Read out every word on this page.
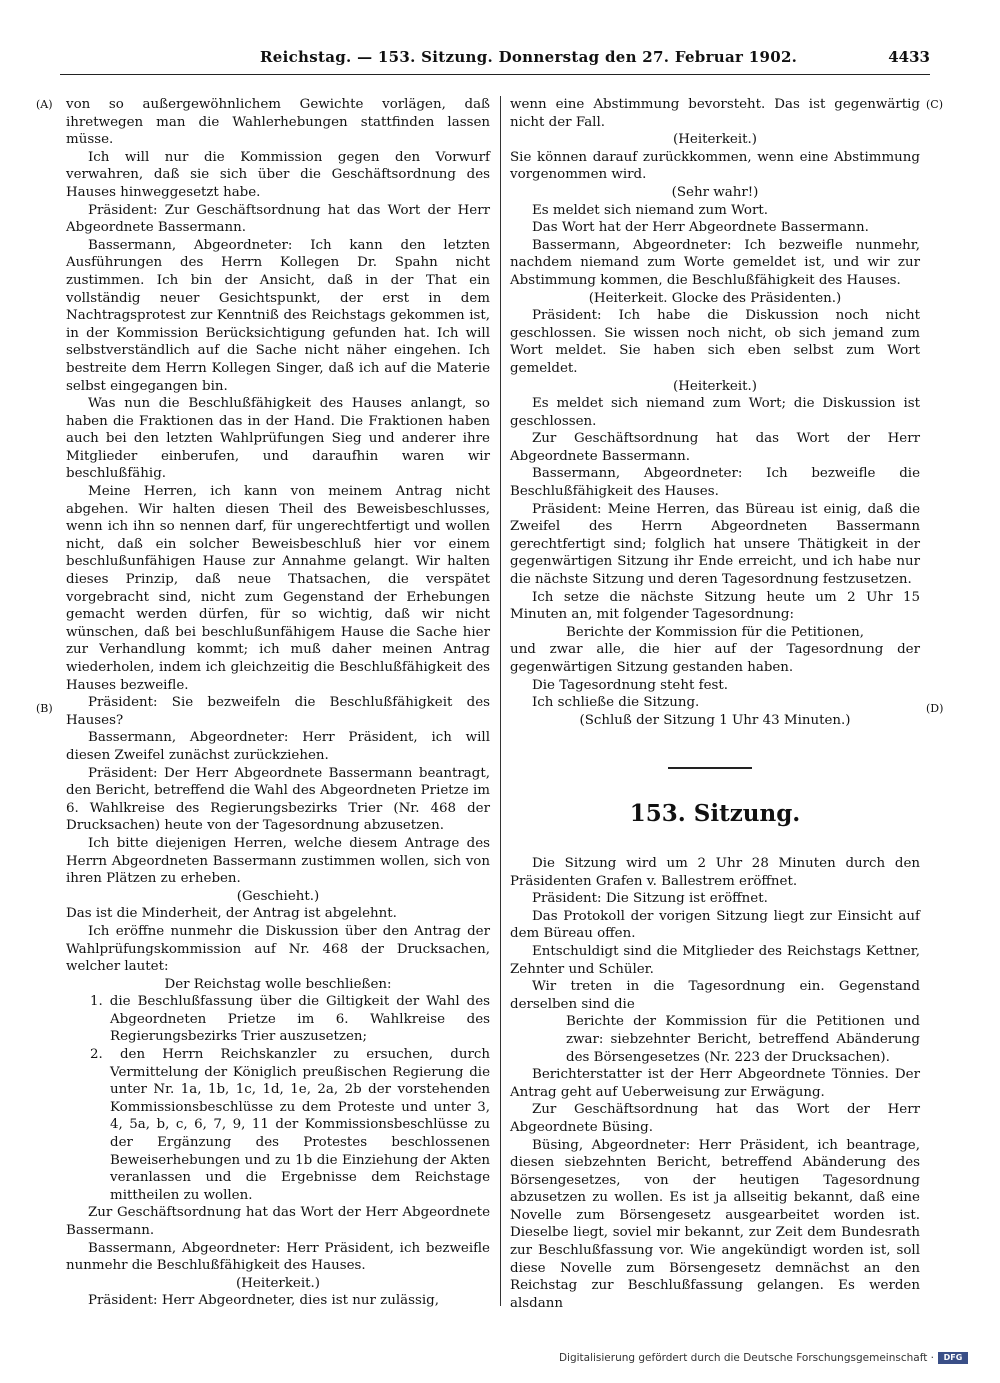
Reichstag. — 153. Sitzung. Donnerstag den 27. Februar 1902.	4433
(A)
(B)
(C)
(D)

von so außergewöhnlichem Gewichte vorlägen, daß ihretwegen man die Wahlerhebungen stattfinden lassen müsse.

Ich will nur die Kommission gegen den Vorwurf verwahren, daß sie sich über die Geschäftsordnung des Hauses hinweggesetzt habe.

Präsident: Zur Geschäftsordnung hat das Wort der Herr Abgeordnete Bassermann.

Bassermann, Abgeordneter: Ich kann den letzten Ausführungen des Herrn Kollegen Dr. Spahn nicht zustimmen. Ich bin der Ansicht, daß in der That ein vollständig neuer Gesichtspunkt, der erst in dem Nachtragsprotest zur Kenntniß des Reichstags gekommen ist, in der Kommission Berücksichtigung gefunden hat. Ich will selbstverständlich auf die Sache nicht näher eingehen. Ich bestreite dem Herrn Kollegen Singer, daß ich auf die Materie selbst eingegangen bin.

Was nun die Beschlußfähigkeit des Hauses anlangt, so haben die Fraktionen das in der Hand. Die Fraktionen haben auch bei den letzten Wahlprüfungen Sieg und anderer ihre Mitglieder einberufen, und daraufhin waren wir beschlußfähig.

Meine Herren, ich kann von meinem Antrag nicht abgehen. Wir halten diesen Theil des Beweisbeschlusses, wenn ich ihn so nennen darf, für ungerechtfertigt und wollen nicht, daß ein solcher Beweisbeschluß hier vor einem beschlußunfähigen Hause zur Annahme gelangt. Wir halten dieses Prinzip, daß neue Thatsachen, die verspätet vorgebracht sind, nicht zum Gegenstand der Erhebungen gemacht werden dürfen, für so wichtig, daß wir nicht wünschen, daß bei beschlußunfähigem Hause die Sache hier zur Verhandlung kommt; ich muß daher meinen Antrag wiederholen, indem ich gleichzeitig die Beschlußfähigkeit des Hauses bezweifle.

Präsident: Sie bezweifeln die Beschlußfähigkeit des Hauses?

Bassermann, Abgeordneter: Herr Präsident, ich will diesen Zweifel zunächst zurückziehen.

Präsident: Der Herr Abgeordnete Bassermann beantragt, den Bericht, betreffend die Wahl des Abgeordneten Prietze im 6. Wahlkreise des Regierungsbezirks Trier (Nr. 468 der Drucksachen) heute von der Tagesordnung abzusetzen.

Ich bitte diejenigen Herren, welche diesem Antrage des Herrn Abgeordneten Bassermann zustimmen wollen, sich von ihren Plätzen zu erheben.

(Geschieht.)

Das ist die Minderheit, der Antrag ist abgelehnt.

Ich eröffne nunmehr die Diskussion über den Antrag der Wahlprüfungskommission auf Nr. 468 der Drucksachen, welcher lautet:

Der Reichstag wolle beschließen:

1. die Beschlußfassung über die Giltigkeit der Wahl des Abgeordneten Prietze im 6. Wahlkreise des Regierungsbezirks Trier auszusetzen;

2. den Herrn Reichskanzler zu ersuchen, durch Vermittelung der Königlich preußischen Regierung die unter Nr. 1a, 1b, 1c, 1d, 1e, 2a, 2b der vorstehenden Kommissionsbeschlüsse zu dem Proteste und unter 3, 4, 5a, b, c, 6, 7, 9, 11 der Kommissionsbeschlüsse zu der Ergänzung des Protestes beschlossenen Beweiserhebungen und zu 1b die Einziehung der Akten veranlassen und die Ergebnisse dem Reichstage mittheilen zu wollen.

Zur Geschäftsordnung hat das Wort der Herr Abgeordnete Bassermann.

Bassermann, Abgeordneter: Herr Präsident, ich bezweifle nunmehr die Beschlußfähigkeit des Hauses.

(Heiterkeit.)

Präsident: Herr Abgeordneter, dies ist nur zulässig,

wenn eine Abstimmung bevorsteht. Das ist gegenwärtig nicht der Fall.

(Heiterkeit.)

Sie können darauf zurückkommen, wenn eine Abstimmung vorgenommen wird.

(Sehr wahr!)

Es meldet sich niemand zum Wort.

Das Wort hat der Herr Abgeordnete Bassermann.

Bassermann, Abgeordneter: Ich bezweifle nunmehr, nachdem niemand zum Worte gemeldet ist, und wir zur Abstimmung kommen, die Beschlußfähigkeit des Hauses.

(Heiterkeit. Glocke des Präsidenten.)

Präsident: Ich habe die Diskussion noch nicht geschlossen. Sie wissen noch nicht, ob sich jemand zum Wort meldet. Sie haben sich eben selbst zum Wort gemeldet.

(Heiterkeit.)

Es meldet sich niemand zum Wort; die Diskussion ist geschlossen.

Zur Geschäftsordnung hat das Wort der Herr Abgeordnete Bassermann.

Bassermann, Abgeordneter: Ich bezweifle die Beschlußfähigkeit des Hauses.

Präsident: Meine Herren, das Büreau ist einig, daß die Zweifel des Herrn Abgeordneten Bassermann gerechtfertigt sind; folglich hat unsere Thätigkeit in der gegenwärtigen Sitzung ihr Ende erreicht, und ich habe nur die nächste Sitzung und deren Tagesordnung festzusetzen.

Ich setze die nächste Sitzung heute um 2 Uhr 15 Minuten an, mit folgender Tagesordnung:

Berichte der Kommission für die Petitionen,

und zwar alle, die hier auf der Tagesordnung der gegenwärtigen Sitzung gestanden haben.

Die Tagesordnung steht fest.

Ich schließe die Sitzung.

(Schluß der Sitzung 1 Uhr 43 Minuten.)

153. Sitzung.

Die Sitzung wird um 2 Uhr 28 Minuten durch den Präsidenten Grafen v. Ballestrem eröffnet.

Präsident: Die Sitzung ist eröffnet.

Das Protokoll der vorigen Sitzung liegt zur Einsicht auf dem Büreau offen.

Entschuldigt sind die Mitglieder des Reichstags Kettner, Zehnter und Schüler.

Wir treten in die Tagesordnung ein. Gegenstand derselben sind die

Berichte der Kommission für die Petitionen und zwar: siebzehnter Bericht, betreffend Abänderung des Börsengesetzes (Nr. 223 der Drucksachen).

Berichterstatter ist der Herr Abgeordnete Tönnies. Der Antrag geht auf Ueberweisung zur Erwägung.

Zur Geschäftsordnung hat das Wort der Herr Abgeordnete Büsing.

Büsing, Abgeordneter: Herr Präsident, ich beantrage, diesen siebzehnten Bericht, betreffend Abänderung des Börsengesetzes, von der heutigen Tagesordnung abzusetzen zu wollen. Es ist ja allseitig bekannt, daß eine Novelle zum Börsengesetz ausgearbeitet worden ist. Dieselbe liegt, soviel mir bekannt, zur Zeit dem Bundesrath zur Beschlußfassung vor. Wie angekündigt worden ist, soll diese Novelle zum Börsengesetz demnächst an den Reichstag zur Beschlußfassung gelangen. Es werden alsdann

Digitalisierung gefördert durch die Deutsche Forschungsgemeinschaft ·	DFG
